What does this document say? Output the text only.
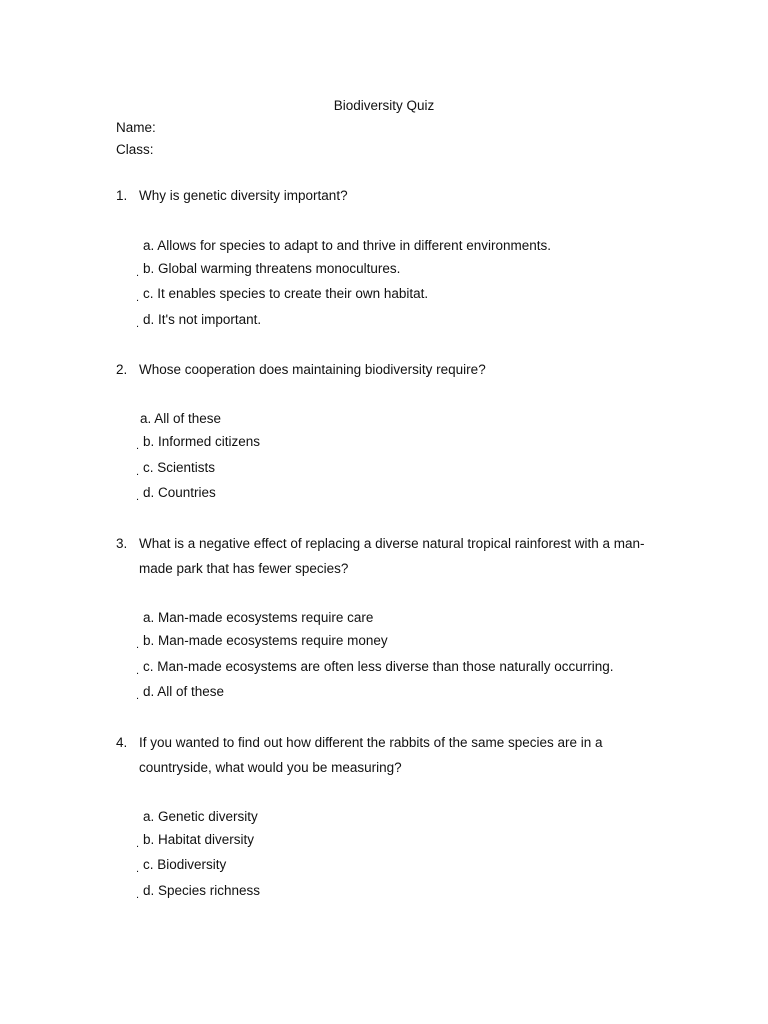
Biodiversity Quiz
Name:
Class:
1. Why is genetic diversity important?
a. Allows for species to adapt to and thrive in different environments.
. b. Global warming threatens monocultures.
. c. It enables species to create their own habitat.
. d. It's not important.
2. Whose cooperation does maintaining biodiversity require?
a. All of these
. b. Informed citizens
. c. Scientists
. d. Countries
3. What is a negative effect of replacing a diverse natural tropical rainforest with a man-made park that has fewer species?
a. Man-made ecosystems require care
. b. Man-made ecosystems require money
. c. Man-made ecosystems are often less diverse than those naturally occurring.
. d. All of these
4. If you wanted to find out how different the rabbits of the same species are in a countryside, what would you be measuring?
a. Genetic diversity
. b. Habitat diversity
. c. Biodiversity
. d. Species richness
